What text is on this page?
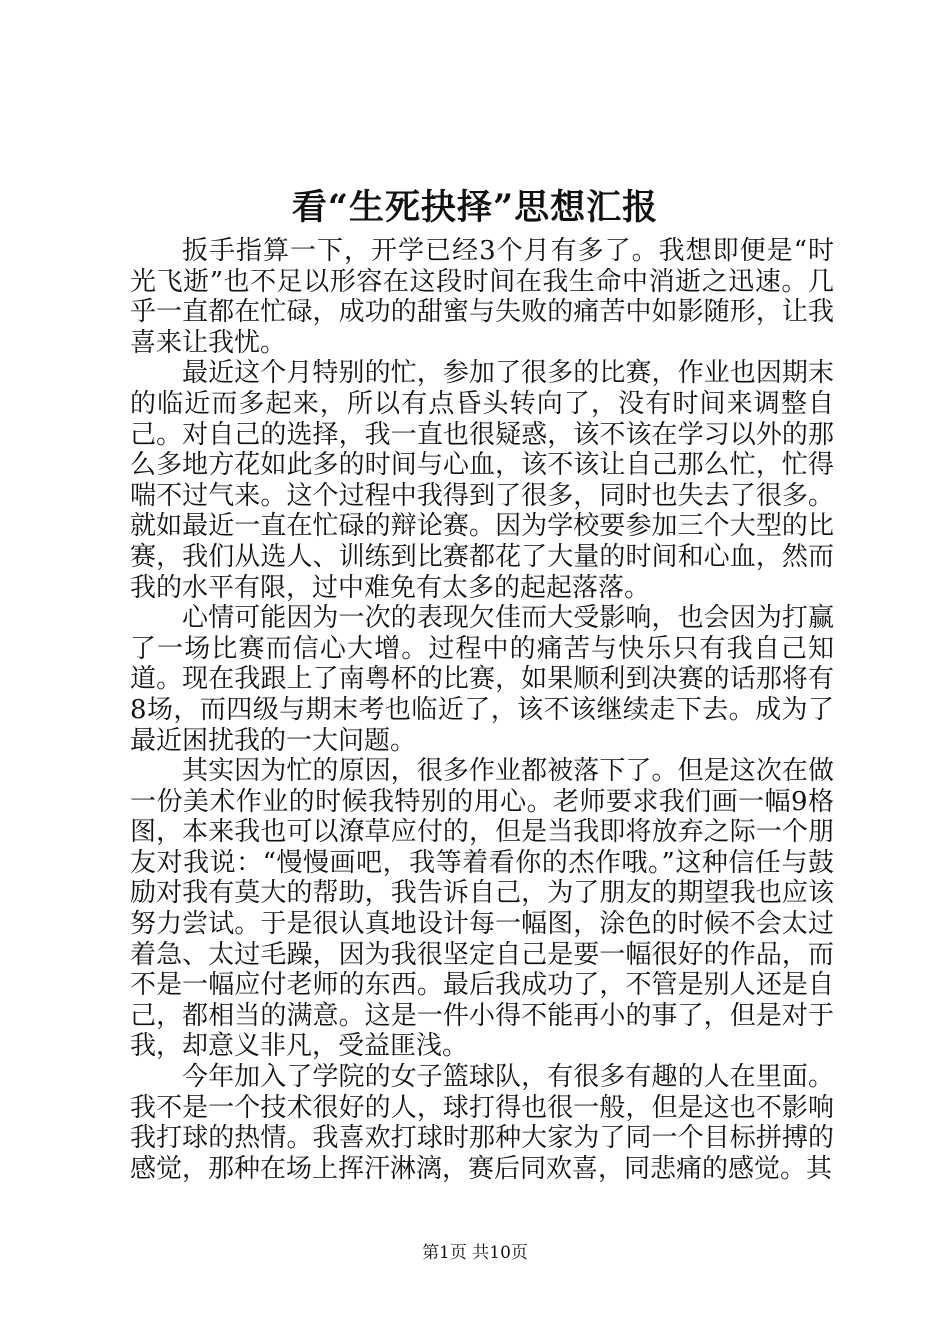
看“生死抉择”思想汇报

扳手指算一下，开学已经3个月有多了。我想即便是“时光飞逝”也不足以形容在这段时间在我生命中消逝之迅速。几乎一直都在忙碌，成功的甜蜜与失败的痛苦中如影随形，让我喜来让我忧。

最近这个月特别的忙，参加了很多的比赛，作业也因期末的临近而多起来，所以有点昏头转向了，没有时间来调整自己。对自己的选择，我一直也很疑惑，该不该在学习以外的那么多地方花如此多的时间与心血，该不该让自己那么忙，忙得喘不过气来。这个过程中我得到了很多，同时也失去了很多。就如最近一直在忙碌的辩论赛。因为学校要参加三个大型的比赛，我们从选人、训练到比赛都花了大量的时间和心血，然而我的水平有限，过中难免有太多的起起落落。

心情可能因为一次的表现欠佳而大受影响，也会因为打赢了一场比赛而信心大增。过程中的痛苦与快乐只有我自己知道。现在我跟上了南粤杯的比赛，如果顺利到决赛的话那将有8场，而四级与期末考也临近了，该不该继续走下去。成为了最近困扰我的一大问题。

其实因为忙的原因，很多作业都被落下了。但是这次在做一份美术作业的时候我特别的用心。老师要求我们画一幅9格图，本来我也可以潦草应付的，但是当我即将放弃之际一个朋友对我说：“慢慢画吧，我等着看你的杰作哦。”这种信任与鼓励对我有莫大的帮助，我告诉自己，为了朋友的期望我也应该努力尝试。于是很认真地设计每一幅图，涂色的时候不会太过着急、太过毛躁，因为我很坚定自己是要一幅很好的作品，而不是一幅应付老师的东西。最后我成功了，不管是别人还是自己，都相当的满意。这是一件小得不能再小的事了，但是对于我，却意义非凡，受益匪浅。

今年加入了学院的女子篮球队，有很多有趣的人在里面。我不是一个技术很好的人，球打得也很一般，但是这也不影响我打球的热情。我喜欢打球时那种大家为了同一个目标拼搏的感觉，那种在场上挥汗淋漓，赛后同欢喜，同悲痛的感觉。其

第1页 共10页
